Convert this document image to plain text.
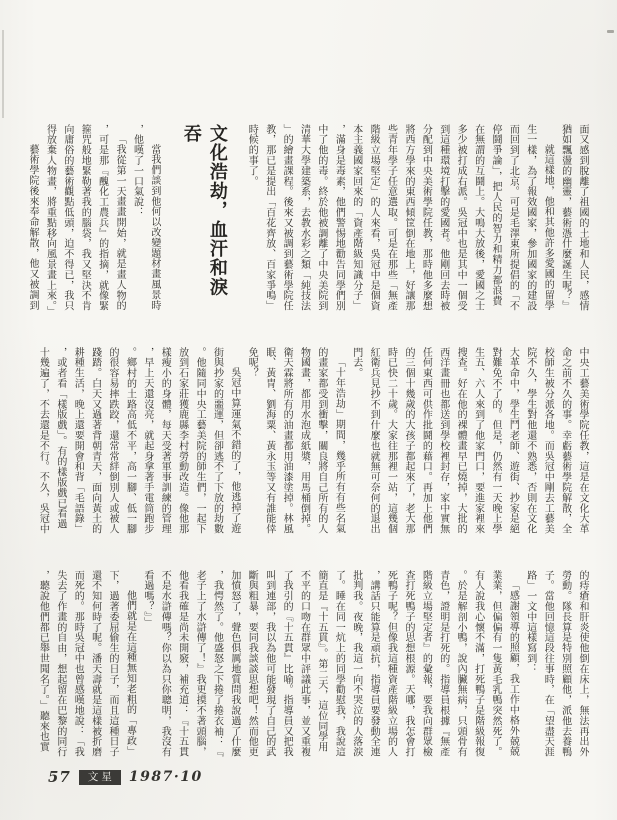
面又感到脫離了祖國的土地和人民，感情猶如飄盪的幽靈，藝術憑什麼誕生呢？』

就這樣地，他和其他許多愛國的留學生一樣，為了報效國家，參加國家的建設而回到了北京。可是毛澤東所提倡的「不停鬪爭論」，把人民的智力和精力都浪費在無謂的互鬪上。大鳴大放後，愛國之士多少被打成右派。吳冠中也是其中一個受到這種環境打擊的愛國者。他剛回去時被分配到中央美術學院任教，那時他多麼想將西方學來的東西傾筐倒在地上，好讓那些青年學子任意選取。可是在那些「無產階級立場堅定」的人來看，吳冠中是個資本主義國家回來的「資產階級知識分子」，滿身是毒素，他們警惕地勸告同學們別中了他的毒。終於他被調離了中央美院到清華大學建築系，去教水彩之類「純技法」的繪畫課程。後來又被調到藝術學院任教，那已是提出「百花齊放、百家爭鳴」時候的事了。

文化浩劫，血汗和淚吞

當我們談到他何以改變題材畫風景時，他嘆了一口氣說：

「我從第一天畫畫開始，就是畫人物的，可是那『醜化工農兵』的指摘，就像緊箍咒般地緊勒著我的腦袋，我又堅決不肯向庸俗的藝術觀點低頭，迫不得已，我只得放棄人物畫，將重點移向風景畫上來。」

藝術學院後來奉命解散，他又被調到

中央工藝美術學院任教，這是在文化大革命之前不久的事。幸虧藝術學院解散，全校師生被分派各地。而吳冠中剛去工藝美院不久，學生對他還不熟悉，否則在文化大革命中，學生鬥老師、遊街、抄家是絕對難免不了的。但是，仍然有一天晚上學生五、六人來到了他家門口，要進家裡來搜查。好在他的裸體畫早已燒掉，大批的西洋畫冊也都送到學校裡封存，家中實無任何東西可供作批鬪的藉口。再加上他們的三個十幾歲的大孩子都起來了，老大那時已快二十歲。大家往那裡一站，這幾個紅衛兵見抄不到什麼也就無可奈何的退出門去。

「十年浩劫」期間，幾乎所有有些名氣的畫家都受到衝擊，關良將自己所有的人物國畫，都用水泡成紙漿，用馬桶倒掉。衛天霖將所有的油畫都用油漆塗掉。林風眠、黃冑、劉海粟、黃永玉等又有誰能倖免呢？

吳冠中算運氣不錯的了，他逃掉了遊街與抄家的噩運，但卻逃不了下放的劫數。他隨同中央工藝美院的師生們，一起下放到石家莊獲鹿縣李村勞動改造。像他那樣瘦小的身體，每天受著軍事訓練的管理，早上天還沒亮，就起身拿著手電筒跑步。鄉村的土路高低不平，高一腳、低一腳的很容易摔跌跤，還常常絆倒別人或被人踐踏。白天又過著背朝青天，面向黃土的耕種生活，晚上還要開會和背「毛語錄」，或者看「樣版戲」。有的樣版戲已看過十幾遍了，不去還是不行。不久，吳冠中

的痔瘡和肝炎使他倒在床上，無法再出外勞動。隊長算是特別照顧他，派他去養鴨子。當他回憶這段往事時，在「望盡天涯路」一文中這樣寫到：

「感謝領導的照顧，我工作中格外兢兢業業，但偏偏有一隻黃毛乳鴨突然死了。有人說我心懷不滿，打死鴨子是階級報復。於是解剖小鴨，說內臟無病，只頭骨有青色，證明是打死的。指導員根據『無產階級立場堅定者』的彙報，要我向群眾檢查打死鴨子的思想根源。天哪，我怎會打死鴨子呢？但像我這種資產階級立場的人，講話只能算是頑抗，指導員要發動全連批判我。夜晚，我這一向不哭泣的人落淚了。睡在同一炕上的同學勸慰我，我說這簡直是『十五貫』。第二天，這位同學用不平的口吻在群眾中評議此事，並又重複了我引的『十五貫』比喻。指導員又把我叫到連部，我以為他可能發現了自己的武斷與粗暴，要同我談談思想吧！然而他更加憤怒了，聲色俱厲地質問我說過了什麼，我愕然了。他盛怒之下捲了捲衣袖：『老子上了水滸傳了！』我更摸不著頭腦，他看我確是尚未開竅，補充道：『十五貫不是水滸傳嗎？你以為只你聰明，我沒有看過嗎？』」

他們就是在這種無知老粗的「專政」下，過著委屈偷生的日子，而且這種日子還不知何時了呢。潘天壽就是這樣被折磨而死的。那時吳冠中也曾感嘆地說：「我失去了作畫的自由，想起留在巴黎的同行，聽說他們都已舉世聞名了。」聽來也實

57	文星	1987·10
